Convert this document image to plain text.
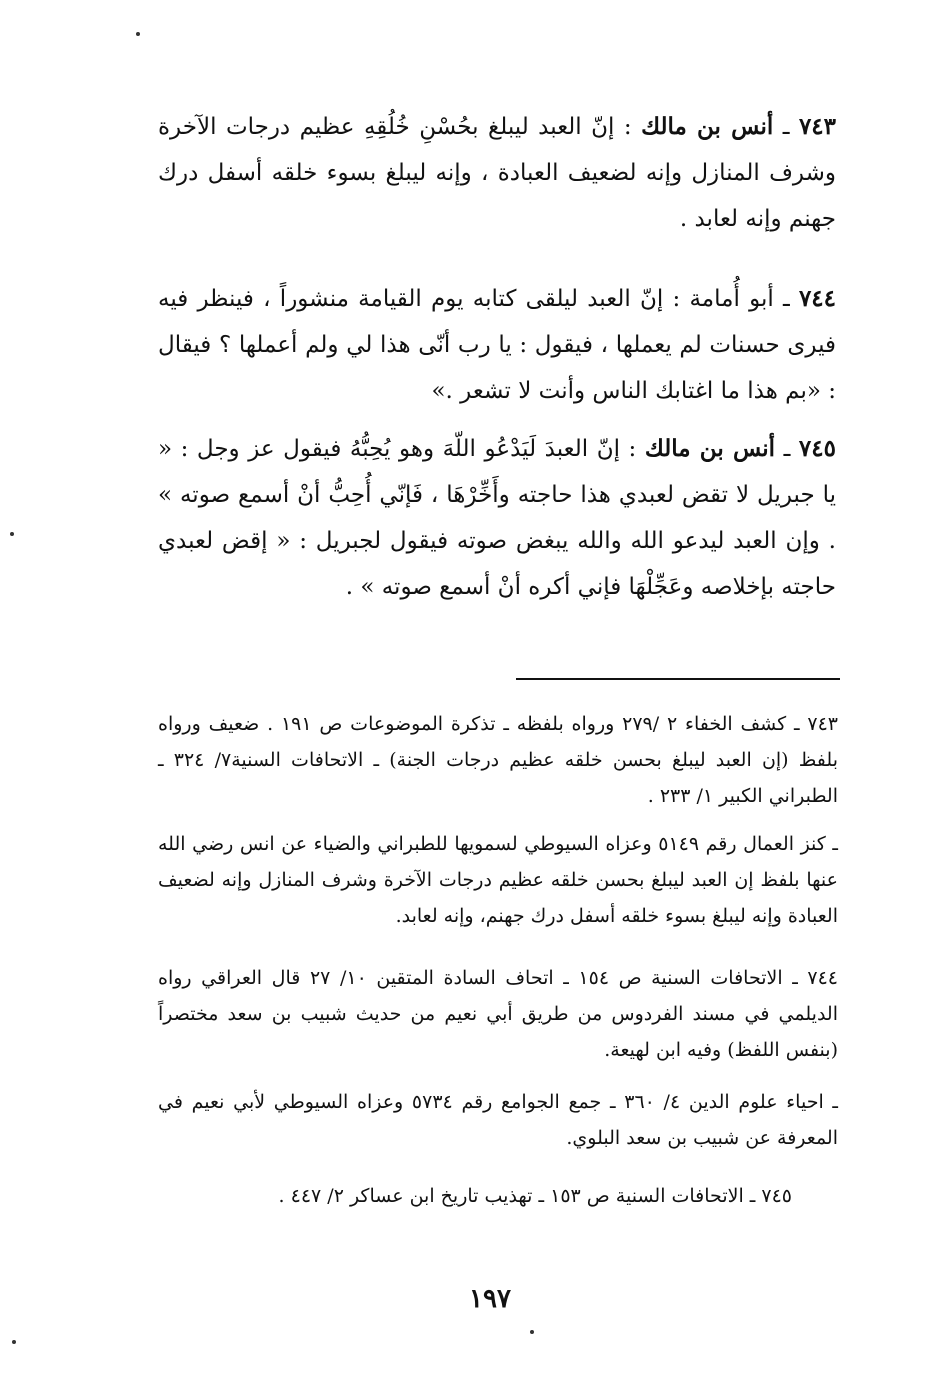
٧٤٣ ـ أنس بن مالك : إنّ العبد ليبلغ بحُسْنِ خُلُقِهِ عظيم درجات الآخرة وشرف المنازل وإنه لضعيف العبادة ، وإنه ليبلغ بسوء خلقه أسفل درك جهنم وإنه لعابد .

٧٤٤ ـ أبو أُمامة : إنّ العبد ليلقى كتابه يوم القيامة منشوراً ، فينظر فيه فيرى حسنات لم يعملها ، فيقول : يا رب أنّى هذا لي ولم أعملها ؟ فيقال : «بم هذا ما اغتابك الناس وأنت لا تشعر .»

٧٤٥ ـ أنس بن مالك : إنّ العبدَ لَيَدْعُو اللّهَ وهو يُحِبُّهُ فيقول عز وجل : « يا جبريل لا تقض لعبدي هذا حاجته وأَخِّرْهَا ، فَإنّي أُحِبُّ أنْ أسمع صوته » . وإن العبد ليدعو الله والله يبغض صوته فيقول لجبريل : « إقض لعبدي حاجته بإخلاصه وعَجِّلْهَا فإني أكره أنْ أسمع صوته » .

٧٤٣ ـ كشف الخفاء ٢ /٢٧٩ ورواه بلفظه ـ تذكرة الموضوعات ص ١٩١ . ضعيف ورواه بلفظ (إن العبد ليبلغ بحسن خلقه عظيم درجات الجنة) ـ الاتحافات السنية٧/ ٣٢٤ ـ الطبراني الكبير ١/ ٢٣٣ .

ـ كنز العمال رقم ٥١٤٩ وعزاه السيوطي لسمويها للطبراني والضياء عن انس رضي الله عنها بلفظ إن العبد ليبلغ بحسن خلقه عظيم درجات الآخرة وشرف المنازل وإنه لضعيف العبادة وإنه ليبلغ بسوء خلقه أسفل درك جهنم، وإنه لعابد.

٧٤٤ ـ الاتحافات السنية ص ١٥٤ ـ اتحاف السادة المتقين ١٠/ ٢٧ قال العراقي رواه الديلمي في مسند الفردوس من طريق أبي نعيم من حديث شبيب بن سعد مختصراً (بنفس اللفظ) وفيه ابن لهيعة.

ـ احياء علوم الدين ٤/ ٣٦٠ ـ جمع الجوامع رقم ٥٧٣٤ وعزاه السيوطي لأبي نعيم في المعرفة عن شبيب بن سعد البلوي.

٧٤٥ ـ الاتحافات السنية ص ١٥٣ ـ تهذيب تاريخ ابن عساكر ٢/ ٤٤٧ .

١٩٧
